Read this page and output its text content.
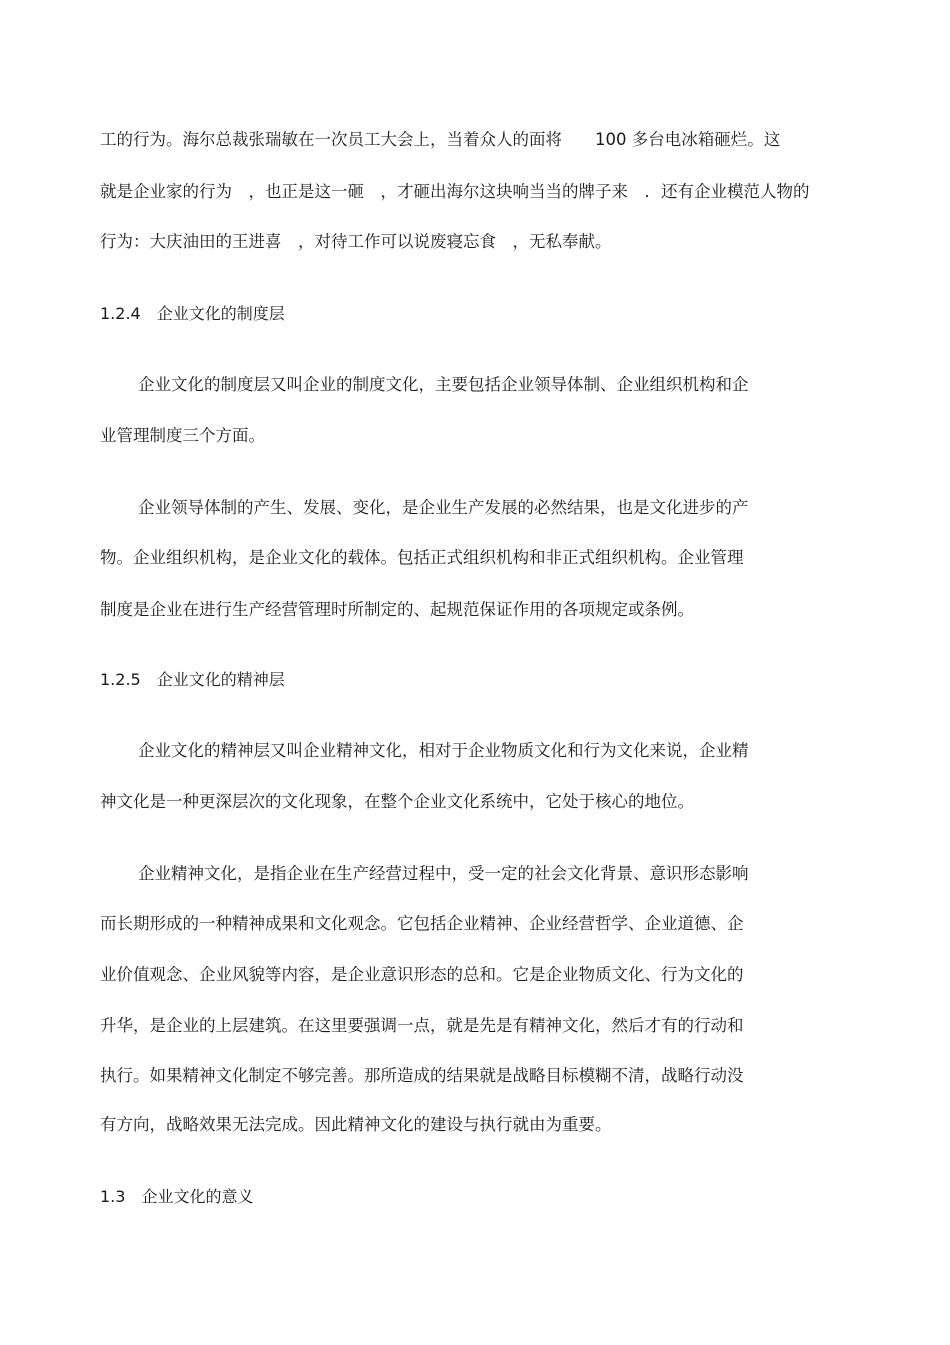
工的行为。海尔总裁张瑞敏在一次员工大会上，当着众人的面将　　100 多台电冰箱砸烂。这
就是企业家的行为　，也正是这一砸　，才砸出海尔这块响当当的牌子来　．还有企业模范人物的
行为：大庆油田的王进喜　，对待工作可以说废寝忘食　，无私奉献。
1.2.4　企业文化的制度层
企业文化的制度层又叫企业的制度文化，主要包括企业领导体制、企业组织机构和企
业管理制度三个方面。
企业领导体制的产生、发展、变化，是企业生产发展的必然结果，也是文化进步的产
物。企业组织机构，是企业文化的载体。包括正式组织机构和非正式组织机构。企业管理
制度是企业在进行生产经营管理时所制定的、起规范保证作用的各项规定或条例。
1.2.5　企业文化的精神层
企业文化的精神层又叫企业精神文化，相对于企业物质文化和行为文化来说，企业精
神文化是一种更深层次的文化现象，在整个企业文化系统中，它处于核心的地位。
企业精神文化，是指企业在生产经营过程中，受一定的社会文化背景、意识形态影响
而长期形成的一种精神成果和文化观念。它包括企业精神、企业经营哲学、企业道德、企
业价值观念、企业风貌等内容，是企业意识形态的总和。它是企业物质文化、行为文化的
升华，是企业的上层建筑。在这里要强调一点，就是先是有精神文化，然后才有的行动和
执行。如果精神文化制定不够完善。那所造成的结果就是战略目标模糊不清，战略行动没
有方向，战略效果无法完成。因此精神文化的建设与执行就由为重要。
1.3　企业文化的意义
